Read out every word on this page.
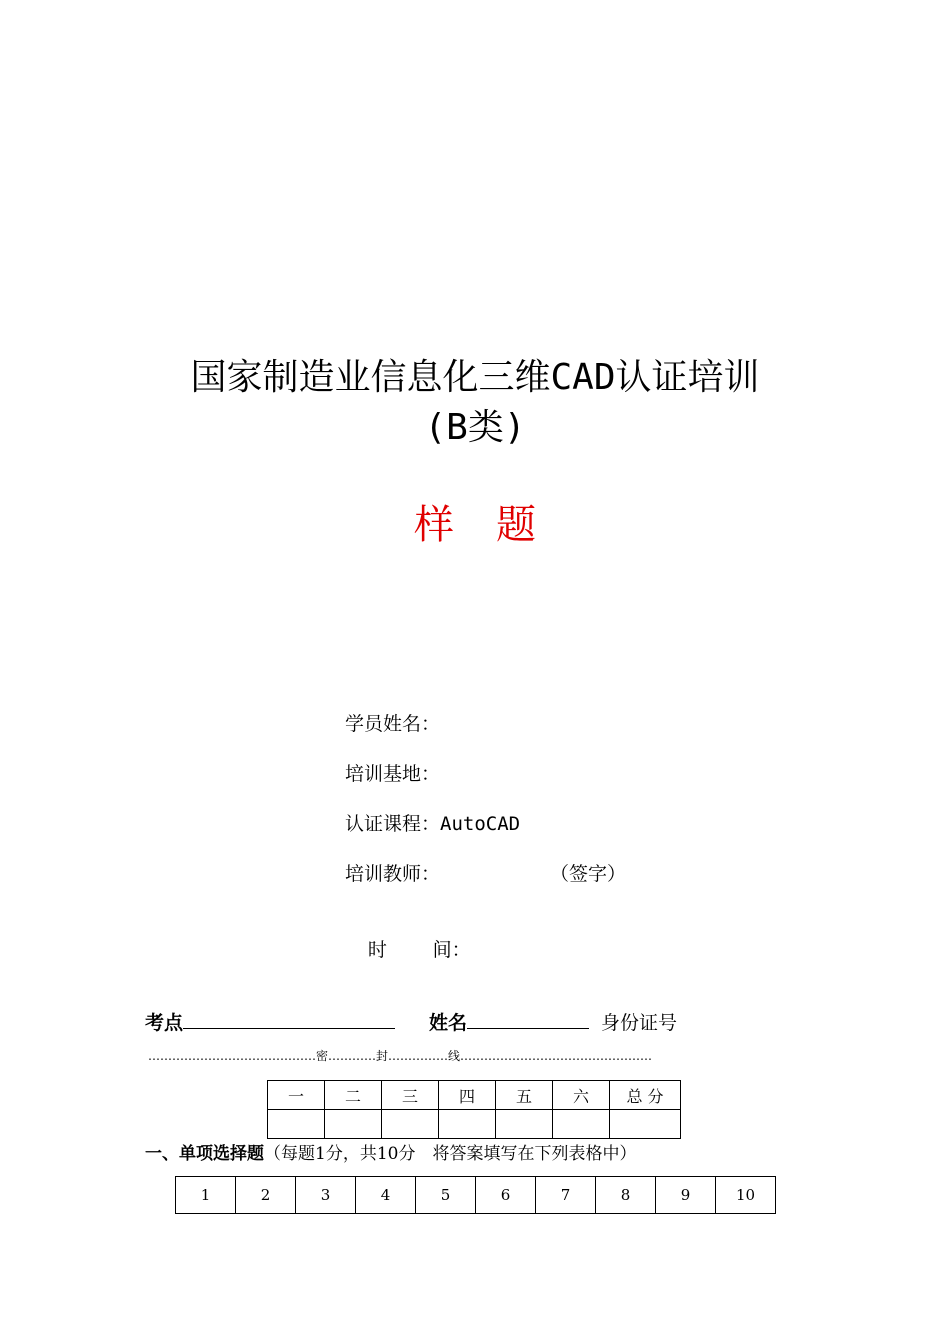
国家制造业信息化三维CAD认证培训
(B类)
样 题
学员姓名：
培训基地：
认证课程：AutoCAD
培训教师：	（签字）

时    间：

考点	姓名	身份证号
……………………………………密…………封……………线…………………………………………
一	二	三	四	五	六	总 分

一、单项选择题（每题1分，共10分　将答案填写在下列表格中）
1	2	3	4	5	6	7	8	9	10
